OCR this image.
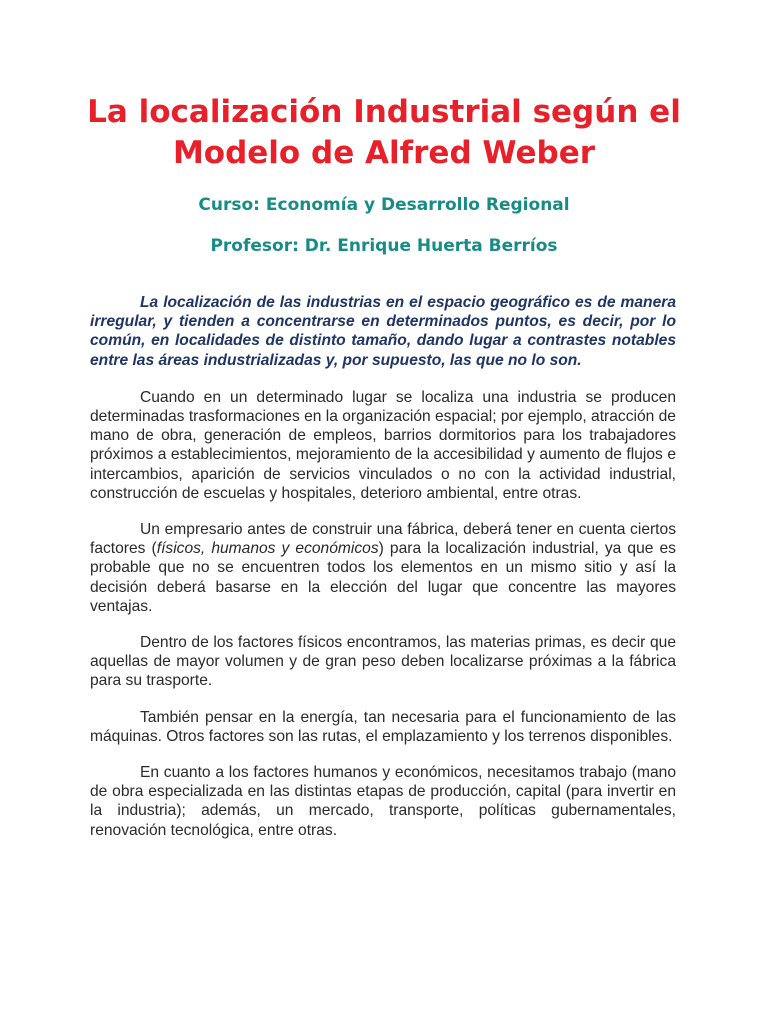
La localización Industrial según el Modelo de Alfred Weber

Curso: Economía y Desarrollo Regional

Profesor: Dr. Enrique Huerta Berríos

La localización de las industrias en el espacio geográfico es de manera irregular, y tienden a concentrarse en determinados puntos, es decir, por lo común, en localidades de distinto tamaño, dando lugar a contrastes notables entre las áreas industrializadas y, por supuesto, las que no lo son.

Cuando en un determinado lugar se localiza una industria se producen determinadas trasformaciones en la organización espacial; por ejemplo, atracción de mano de obra, generación de empleos, barrios dormitorios para los trabajadores próximos a establecimientos, mejoramiento de la accesibilidad y aumento de flujos e intercambios, aparición de servicios vinculados o no con la actividad industrial, construcción de escuelas y hospitales, deterioro ambiental, entre otras.

Un empresario antes de construir una fábrica, deberá tener en cuenta ciertos factores (físicos, humanos y económicos) para la localización industrial, ya que es probable que no se encuentren todos los elementos en un mismo sitio y así la decisión deberá basarse en la elección del lugar que concentre las mayores ventajas.

Dentro de los factores físicos encontramos, las materias primas, es decir que aquellas de mayor volumen y de gran peso deben localizarse próximas a la fábrica para su trasporte.

También pensar en la energía, tan necesaria para el funcionamiento de las máquinas. Otros factores son las rutas, el emplazamiento y los terrenos disponibles.

En cuanto a los factores humanos y económicos, necesitamos trabajo (mano de obra especializada en las distintas etapas de producción, capital (para invertir en la industria); además, un mercado, transporte, políticas gubernamentales, renovación tecnológica, entre otras.
